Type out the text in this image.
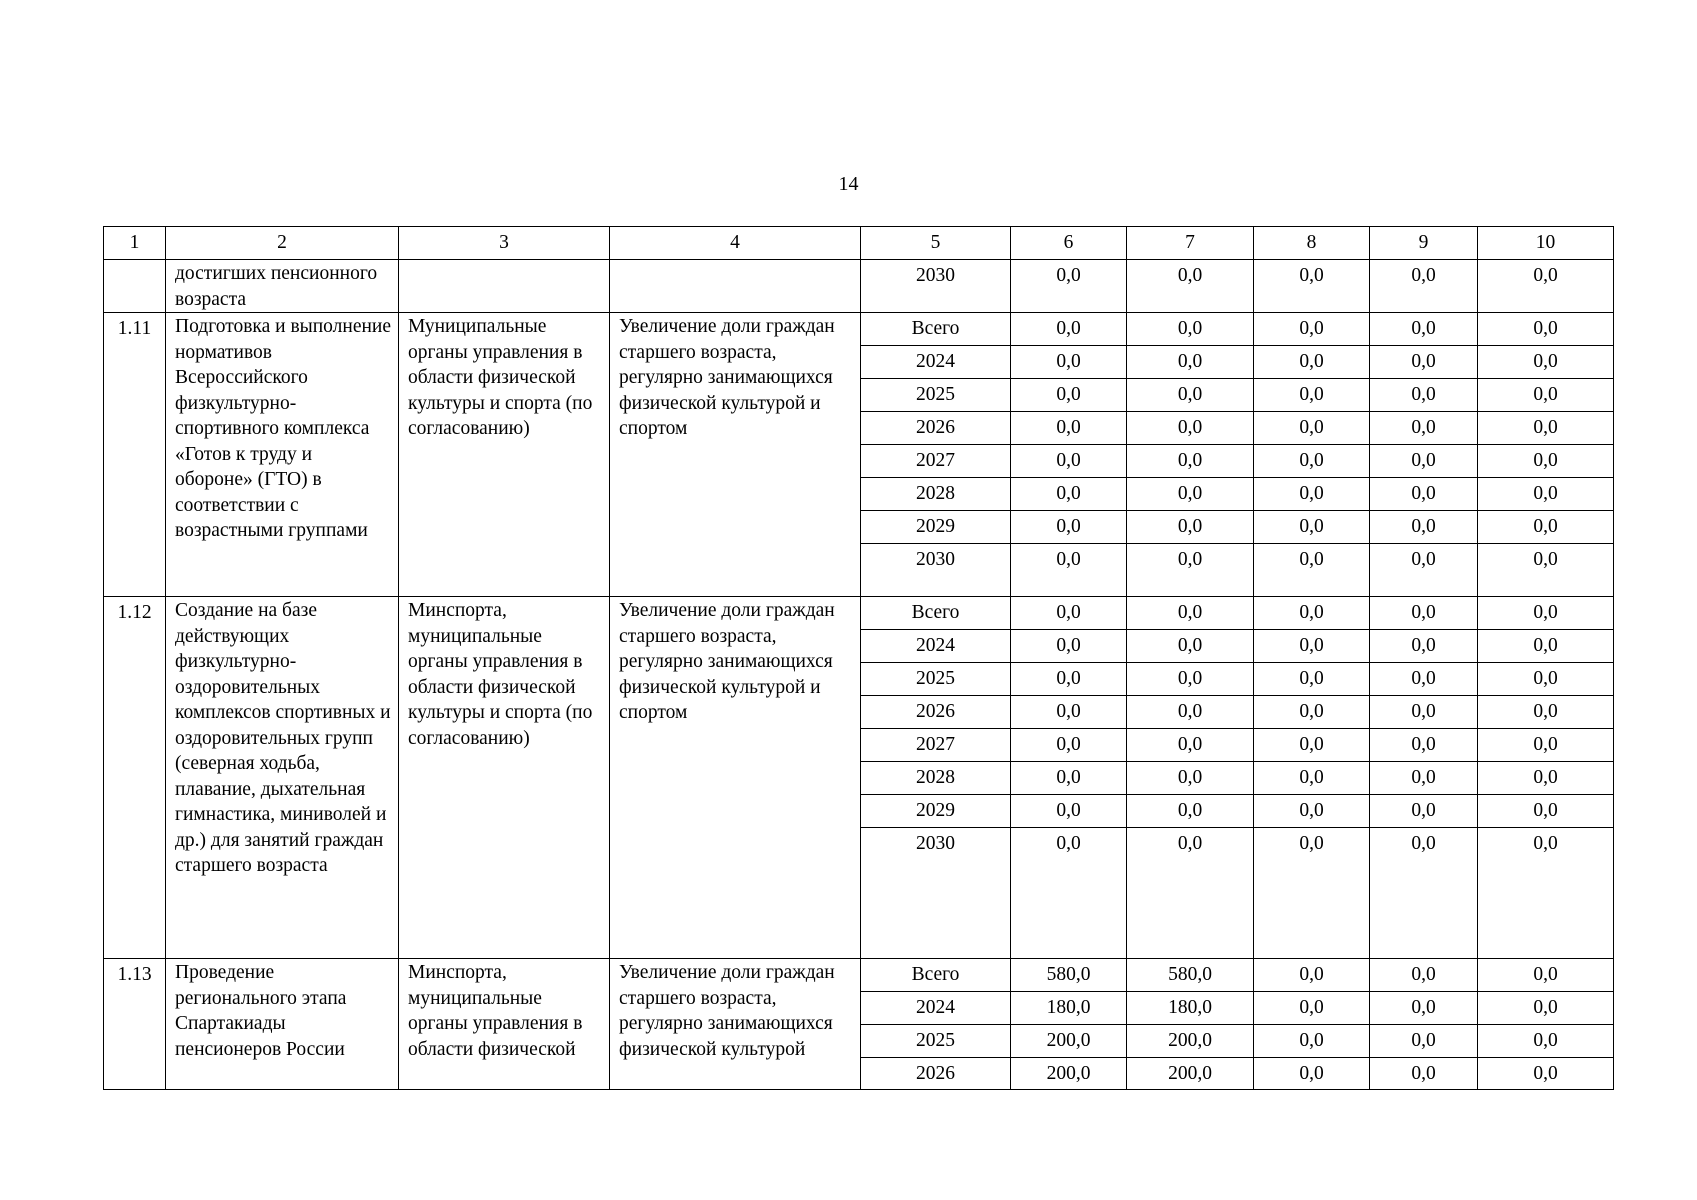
14
1	2	3	4	5	6	7	8	9	10
	достигших пенсионного возраста			2030	0,0	0,0	0,0	0,0	0,0
1.11	Подготовка и выполнение нормативов Всероссийского физкультурно-спортивного комплекса «Готов к труду и обороне» (ГТО) в соответствии с возрастными группами	Муниципальные органы управления в области физической культуры и спорта (по согласованию)	Увеличение доли граждан старшего возраста, регулярно занимающихся физической культурой и спортом	Всего	0,0	0,0	0,0	0,0	0,0
				2024	0,0	0,0	0,0	0,0	0,0
				2025	0,0	0,0	0,0	0,0	0,0
				2026	0,0	0,0	0,0	0,0	0,0
				2027	0,0	0,0	0,0	0,0	0,0
				2028	0,0	0,0	0,0	0,0	0,0
				2029	0,0	0,0	0,0	0,0	0,0
				2030	0,0	0,0	0,0	0,0	0,0
1.12	Создание на базе действующих физкультурно-оздоровительных комплексов спортивных и оздоровительных групп (северная ходьба, плавание, дыхательная гимнастика, миниволей и др.) для занятий граждан старшего возраста	Минспорта, муниципальные органы управления в области физической культуры и спорта (по согласованию)	Увеличение доли граждан старшего возраста, регулярно занимающихся физической культурой и спортом	Всего	0,0	0,0	0,0	0,0	0,0
				2024	0,0	0,0	0,0	0,0	0,0
				2025	0,0	0,0	0,0	0,0	0,0
				2026	0,0	0,0	0,0	0,0	0,0
				2027	0,0	0,0	0,0	0,0	0,0
				2028	0,0	0,0	0,0	0,0	0,0
				2029	0,0	0,0	0,0	0,0	0,0
				2030	0,0	0,0	0,0	0,0	0,0
1.13	Проведение регионального этапа Спартакиады пенсионеров России	Минспорта, муниципальные органы управления в области физической	Увеличение доли граждан старшего возраста, регулярно занимающихся физической культурой	Всего	580,0	580,0	0,0	0,0	0,0
				2024	180,0	180,0	0,0	0,0	0,0
				2025	200,0	200,0	0,0	0,0	0,0
				2026	200,0	200,0	0,0	0,0	0,0
